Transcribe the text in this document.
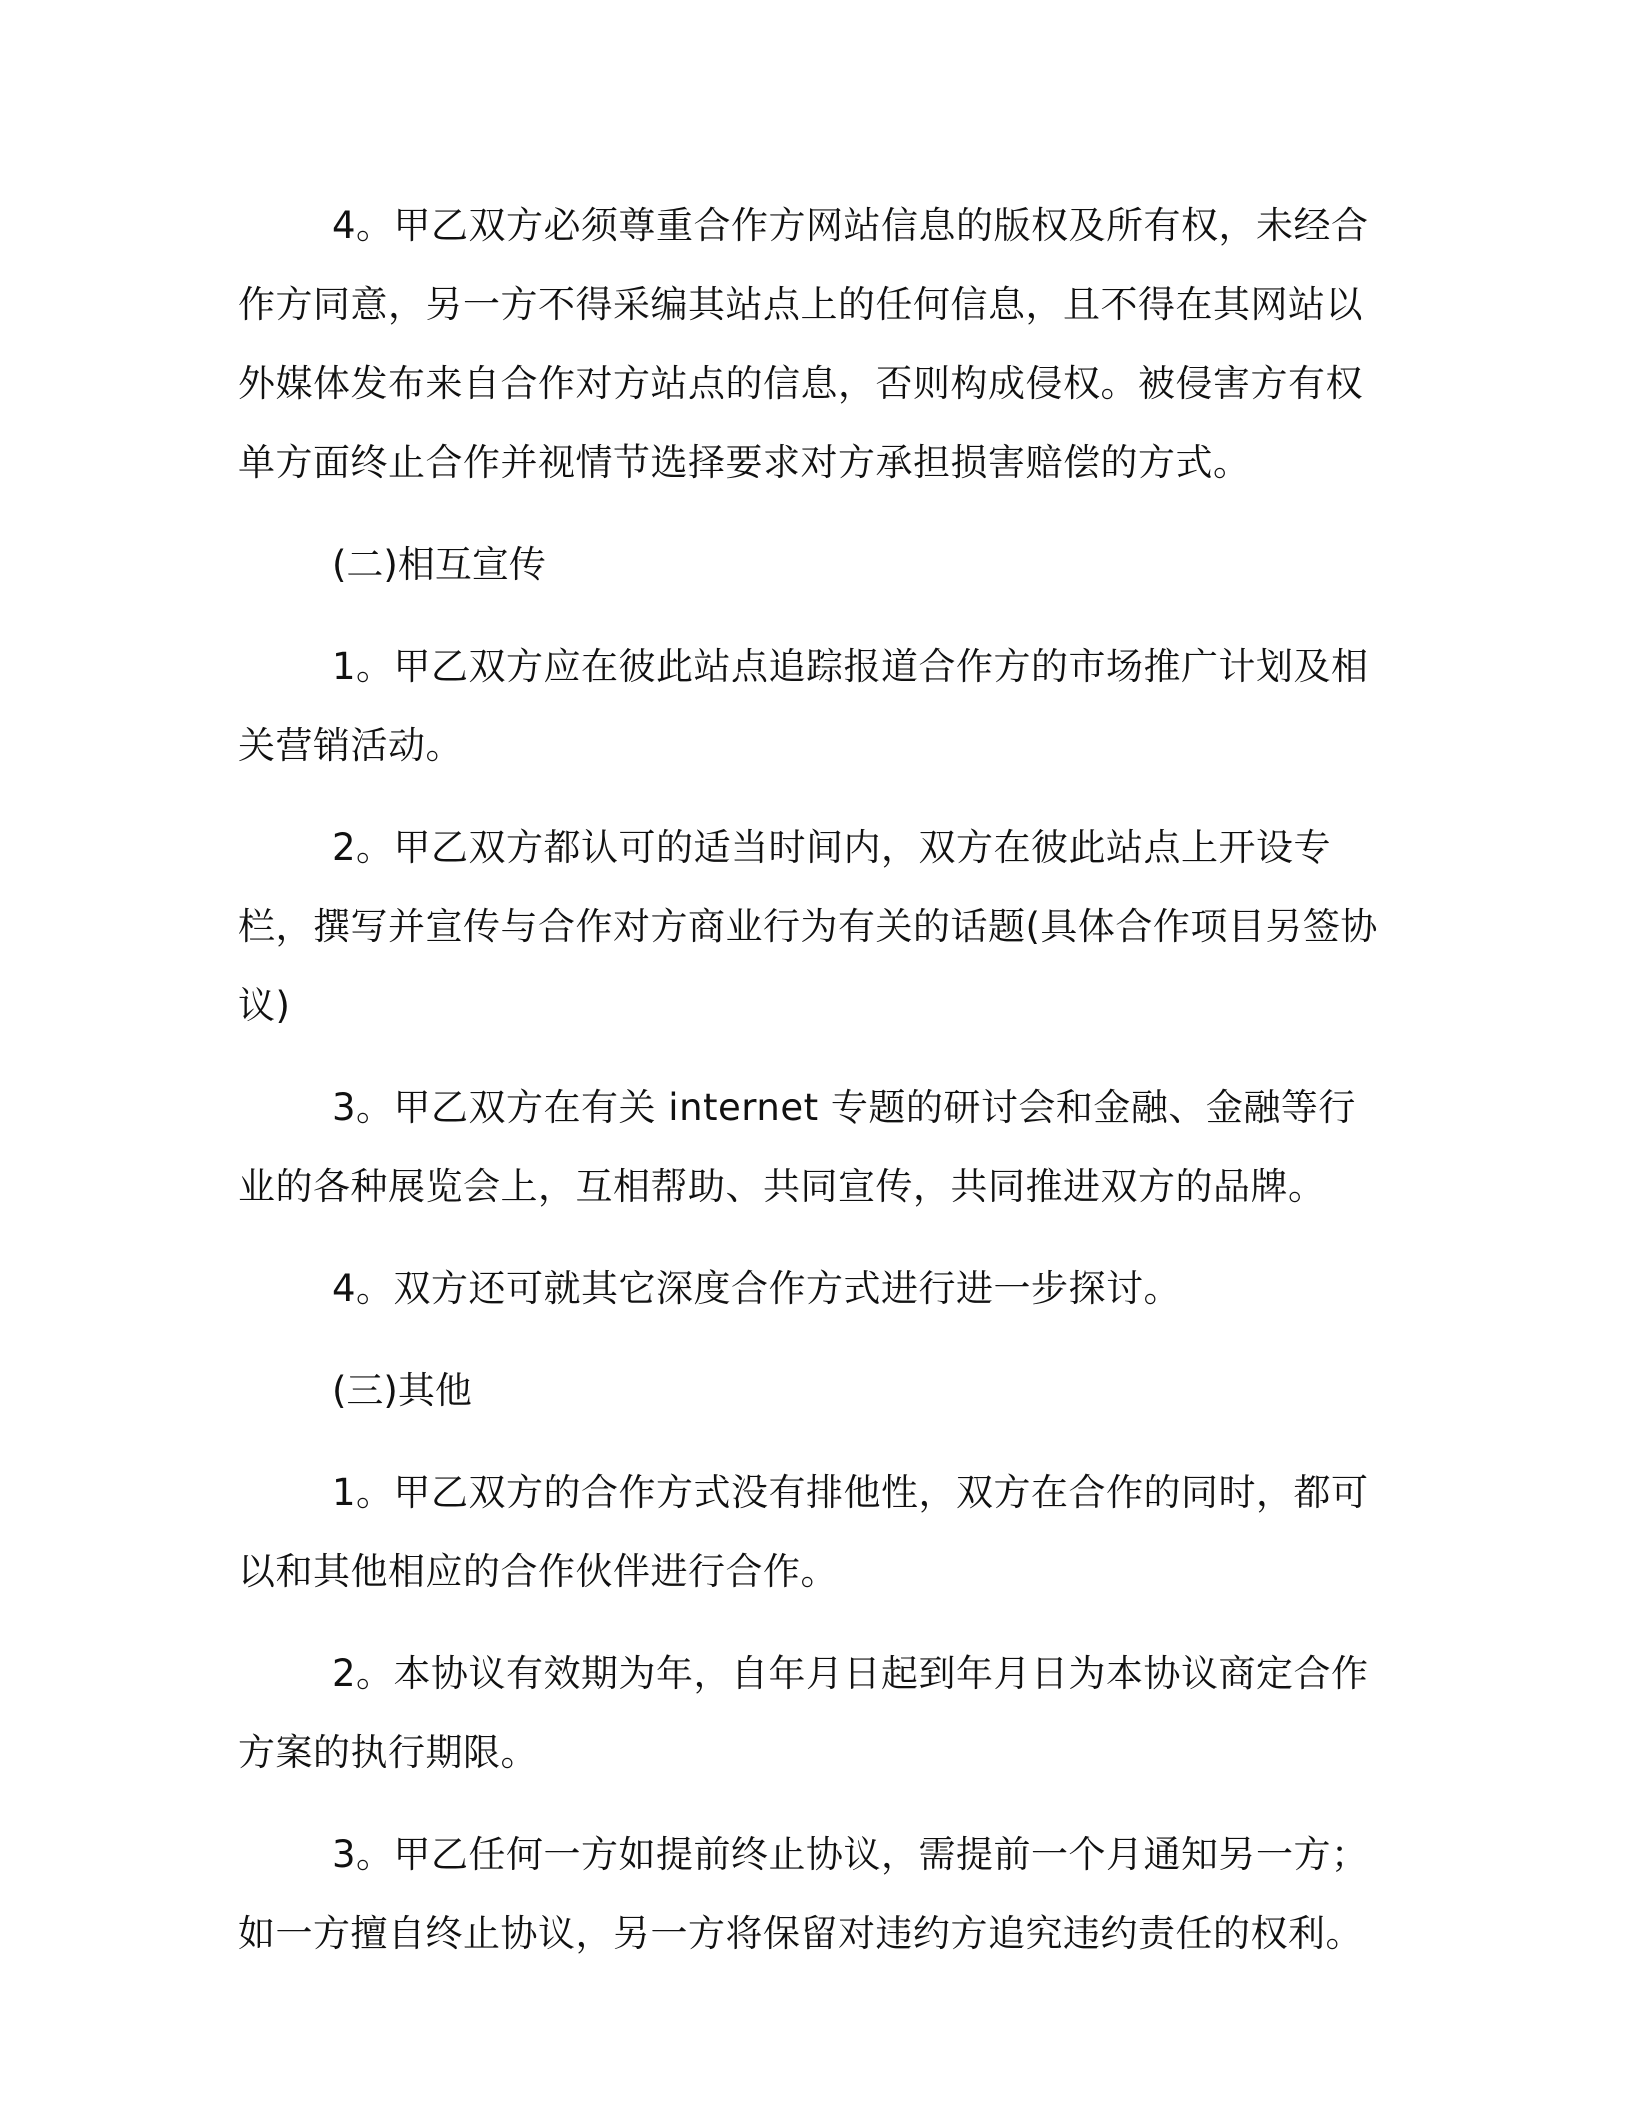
4。甲乙双方必须尊重合作方网站信息的版权及所有权，未经合作方同意，另一方不得采编其站点上的任何信息，且不得在其网站以外媒体发布来自合作对方站点的信息，否则构成侵权。被侵害方有权单方面终止合作并视情节选择要求对方承担损害赔偿的方式。

(二)相互宣传

1。甲乙双方应在彼此站点追踪报道合作方的市场推广计划及相关营销活动。

2。甲乙双方都认可的适当时间内，双方在彼此站点上开设专栏，撰写并宣传与合作对方商业行为有关的话题(具体合作项目另签协议)

3。甲乙双方在有关 internet 专题的研讨会和金融、金融等行业的各种展览会上，互相帮助、共同宣传，共同推进双方的品牌。

4。双方还可就其它深度合作方式进行进一步探讨。

(三)其他

1。甲乙双方的合作方式没有排他性，双方在合作的同时，都可以和其他相应的合作伙伴进行合作。

2。本协议有效期为年，自年月日起到年月日为本协议商定合作方案的执行期限。

3。甲乙任何一方如提前终止协议，需提前一个月通知另一方；如一方擅自终止协议，另一方将保留对违约方追究违约责任的权利。
